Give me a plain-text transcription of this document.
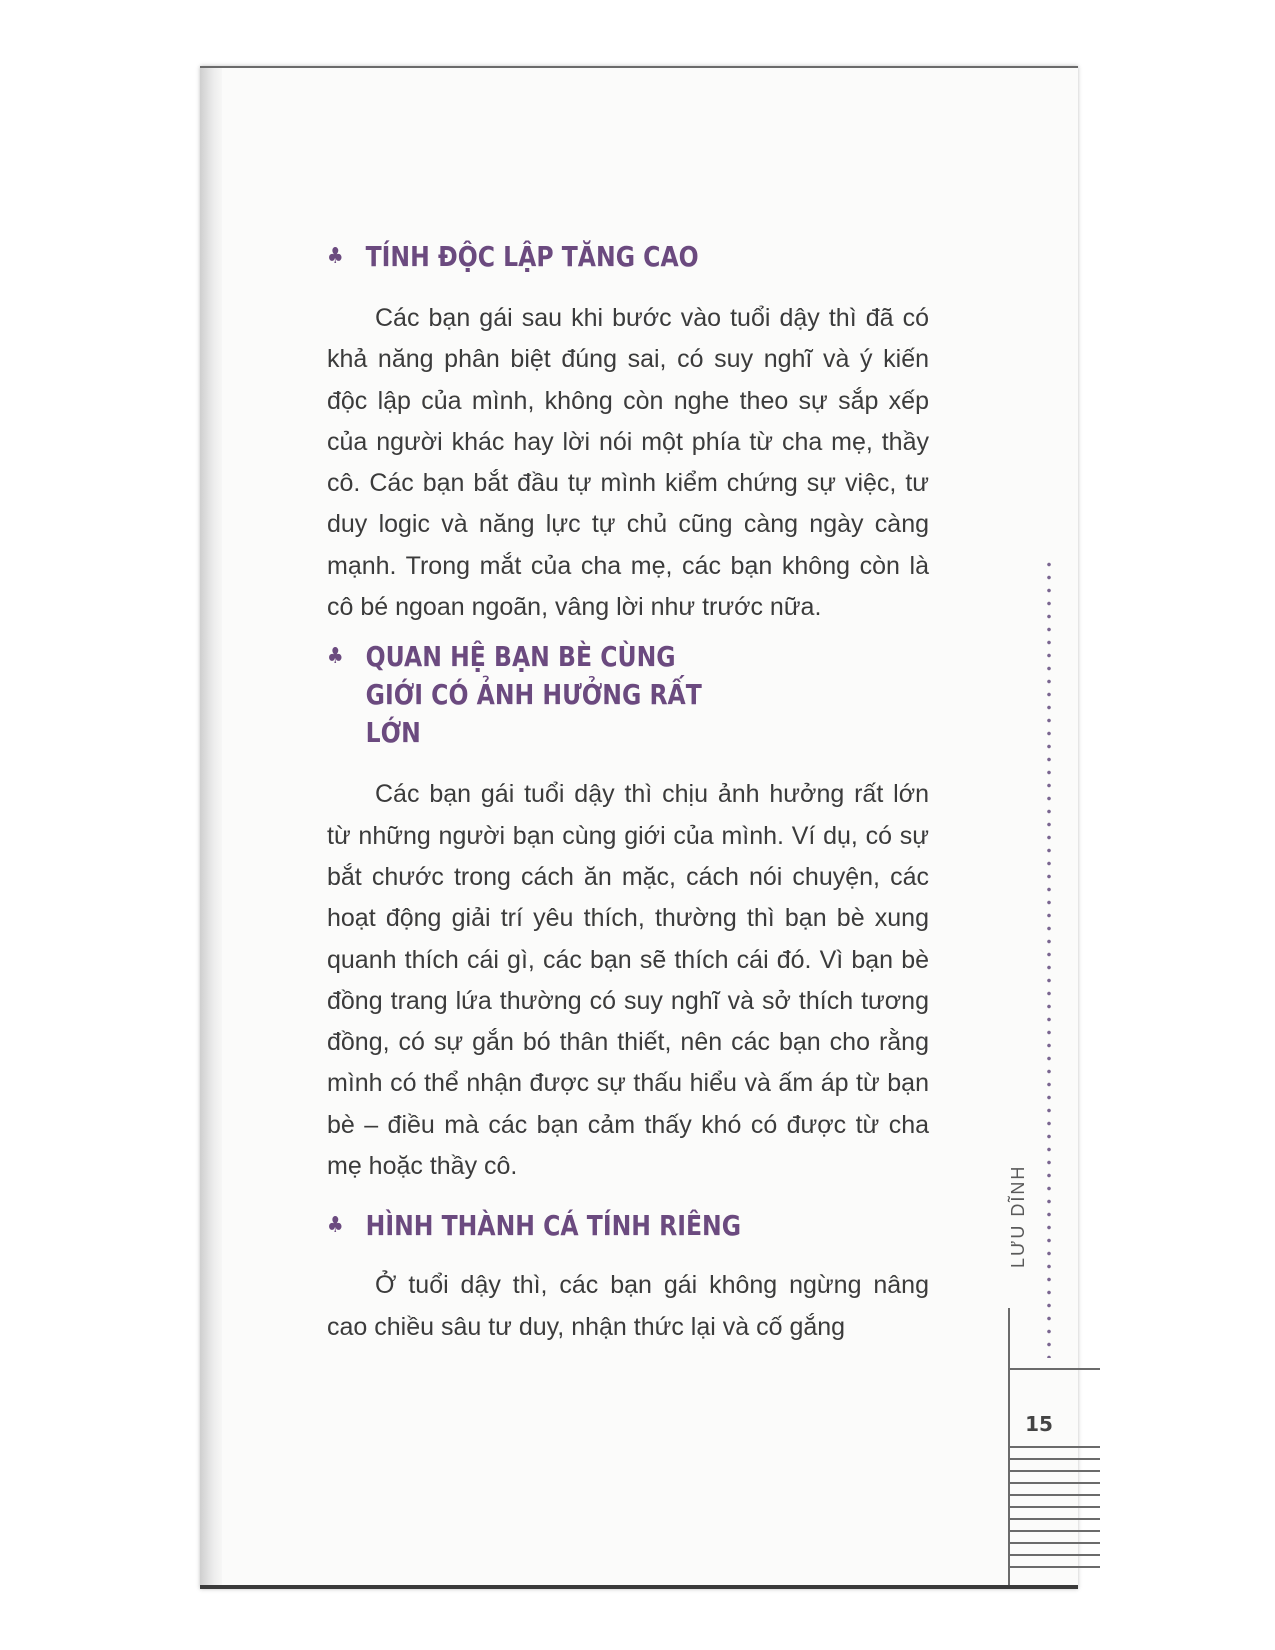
♣ TÍNH ĐỘC LẬP TĂNG CAO

Các bạn gái sau khi bước vào tuổi dậy thì đã có khả năng phân biệt đúng sai, có suy nghĩ và ý kiến độc lập của mình, không còn nghe theo sự sắp xếp của người khác hay lời nói một phía từ cha mẹ, thầy cô. Các bạn bắt đầu tự mình kiểm chứng sự việc, tư duy logic và năng lực tự chủ cũng càng ngày càng mạnh. Trong mắt của cha mẹ, các bạn không còn là cô bé ngoan ngoãn, vâng lời như trước nữa.

♣ QUAN HỆ BẠN BÈ CÙNG GIỚI CÓ ẢNH HƯỞNG RẤT LỚN

Các bạn gái tuổi dậy thì chịu ảnh hưởng rất lớn từ những người bạn cùng giới của mình. Ví dụ, có sự bắt chước trong cách ăn mặc, cách nói chuyện, các hoạt động giải trí yêu thích, thường thì bạn bè xung quanh thích cái gì, các bạn sẽ thích cái đó. Vì bạn bè đồng trang lứa thường có suy nghĩ và sở thích tương đồng, có sự gắn bó thân thiết, nên các bạn cho rằng mình có thể nhận được sự thấu hiểu và ấm áp từ bạn bè – điều mà các bạn cảm thấy khó có được từ cha mẹ hoặc thầy cô.

♣ HÌNH THÀNH CÁ TÍNH RIÊNG

Ở tuổi dậy thì, các bạn gái không ngừng nâng cao chiều sâu tư duy, nhận thức lại và cố gắng

LƯU DĨNH
15
